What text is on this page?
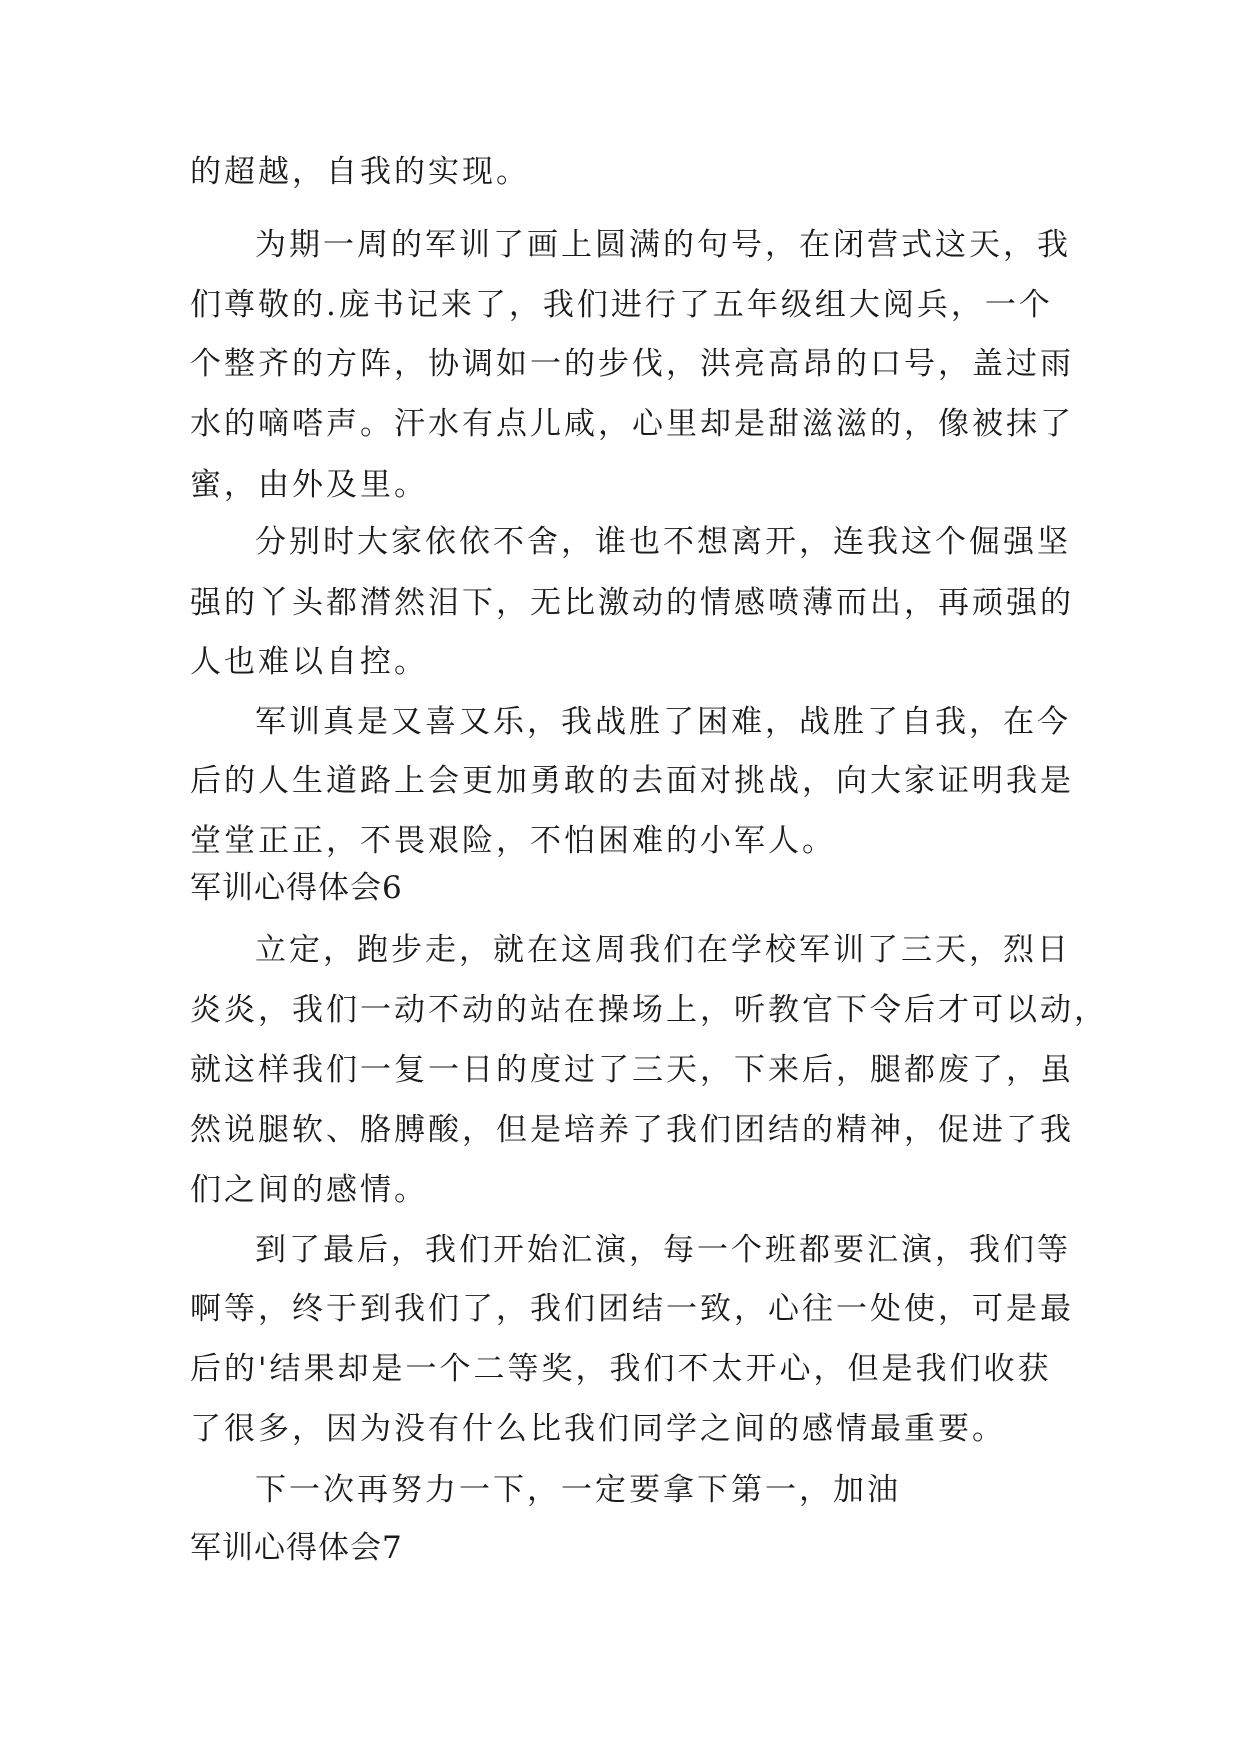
的超越，自我的实现。
为期一周的军训了画上圆满的句号，在闭营式这天，我
们尊敬的.庞书记来了，我们进行了五年级组大阅兵，一个
个整齐的方阵，协调如一的步伐，洪亮高昂的口号，盖过雨
水的嘀嗒声。汗水有点儿咸，心里却是甜滋滋的，像被抹了
蜜，由外及里。
分别时大家依依不舍，谁也不想离开，连我这个倔强坚
强的丫头都潸然泪下，无比激动的情感喷薄而出，再顽强的
人也难以自控。
军训真是又喜又乐，我战胜了困难，战胜了自我，在今
后的人生道路上会更加勇敢的去面对挑战，向大家证明我是
堂堂正正，不畏艰险，不怕困难的小军人。
军训心得体会6
立定，跑步走，就在这周我们在学校军训了三天，烈日
炎炎，我们一动不动的站在操场上，听教官下令后才可以动，
就这样我们一复一日的度过了三天，下来后，腿都废了，虽
然说腿软、胳膊酸，但是培养了我们团结的精神，促进了我
们之间的感情。
到了最后，我们开始汇演，每一个班都要汇演，我们等
啊等，终于到我们了，我们团结一致，心往一处使，可是最
后的'结果却是一个二等奖，我们不太开心，但是我们收获
了很多，因为没有什么比我们同学之间的感情最重要。
下一次再努力一下，一定要拿下第一，加油
军训心得体会7
